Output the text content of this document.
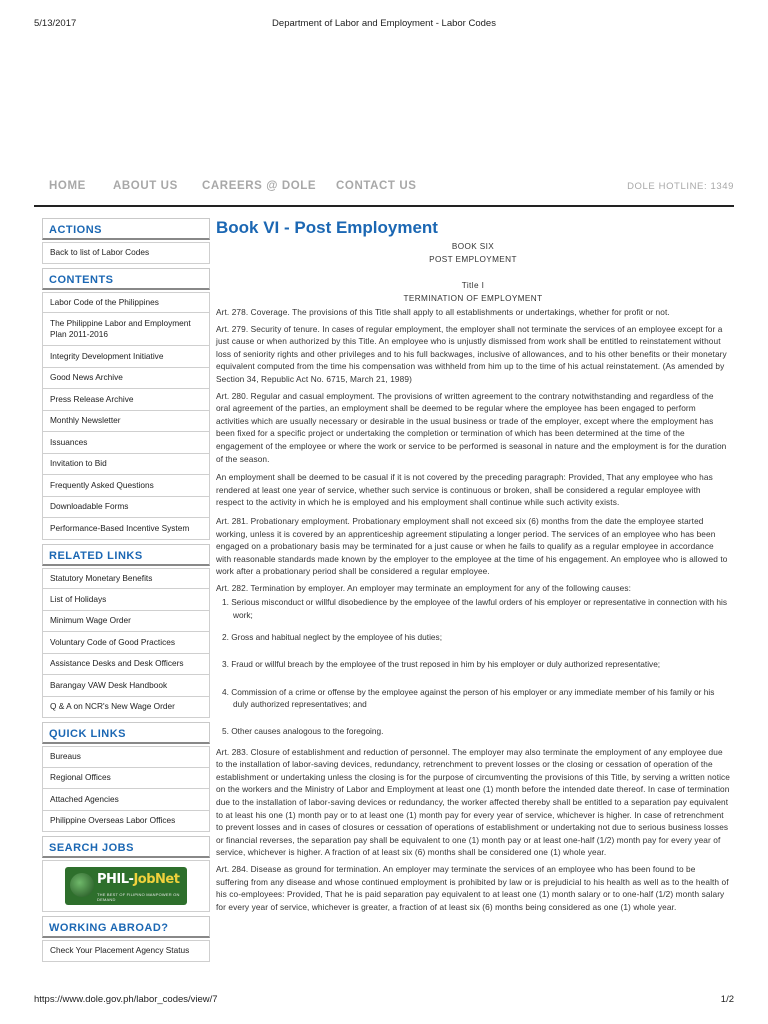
5/13/2017	Department of Labor and Employment - Labor Codes
HOME ABOUT US CAREERS @ DOLE CONTACT US	DOLE HOTLINE: 1349
ACTIONS
Back to list of Labor Codes
CONTENTS
Labor Code of the Philippines
The Philippine Labor and Employment Plan 2011-2016
Integrity Development Initiative
Good News Archive
Press Release Archive
Monthly Newsletter
Issuances
Invitation to Bid
Frequently Asked Questions
Downloadable Forms
Performance-Based Incentive System
RELATED LINKS
Statutory Monetary Benefits
List of Holidays
Minimum Wage Order
Voluntary Code of Good Practices
Assistance Desks and Desk Officers
Barangay VAW Desk Handbook
Q & A on NCR's New Wage Order
QUICK LINKS
Bureaus
Regional Offices
Attached Agencies
Philippine Overseas Labor Offices
SEARCH JOBS
PHIL-JobNet
THE BEST OF FILIPINO MANPOWER ON DEMAND
WORKING ABROAD?
Check Your Placement Agency Status
Book VI - Post Employment
BOOK SIX
POST EMPLOYMENT
Title I
TERMINATION OF EMPLOYMENT

Art. 278. Coverage. The provisions of this Title shall apply to all establishments or undertakings, whether for profit or not.

Art. 279. Security of tenure. In cases of regular employment, the employer shall not terminate the services of an employee except for a just cause or when authorized by this Title. An employee who is unjustly dismissed from work shall be entitled to reinstatement without loss of seniority rights and other privileges and to his full backwages, inclusive of allowances, and to his other benefits or their monetary equivalent computed from the time his compensation was withheld from him up to the time of his actual reinstatement. (As amended by Section 34, Republic Act No. 6715, March 21, 1989)

Art. 280. Regular and casual employment. The provisions of written agreement to the contrary notwithstanding and regardless of the oral agreement of the parties, an employment shall be deemed to be regular where the employee has been engaged to perform activities which are usually necessary or desirable in the usual business or trade of the employer, except where the employment has been fixed for a specific project or undertaking the completion or termination of which has been determined at the time of the engagement of the employee or where the work or service to be performed is seasonal in nature and the employment is for the duration of the season.

An employment shall be deemed to be casual if it is not covered by the preceding paragraph: Provided, That any employee who has rendered at least one year of service, whether such service is continuous or broken, shall be considered a regular employee with respect to the activity in which he is employed and his employment shall continue while such activity exists.

Art. 281. Probationary employment. Probationary employment shall not exceed six (6) months from the date the employee started working, unless it is covered by an apprenticeship agreement stipulating a longer period. The services of an employee who has been engaged on a probationary basis may be terminated for a just cause or when he fails to qualify as a regular employee in accordance with reasonable standards made known by the employer to the employee at the time of his engagement. An employee who is allowed to work after a probationary period shall be considered a regular employee.

Art. 282. Termination by employer. An employer may terminate an employment for any of the following causes:

1. Serious misconduct or willful disobedience by the employee of the lawful orders of his employer or representative in connection with his work;
2. Gross and habitual neglect by the employee of his duties;
3. Fraud or willful breach by the employee of the trust reposed in him by his employer or duly authorized representative;
4. Commission of a crime or offense by the employee against the person of his employer or any immediate member of his family or his duly authorized representatives; and
5. Other causes analogous to the foregoing.

Art. 283. Closure of establishment and reduction of personnel. The employer may also terminate the employment of any employee due to the installation of labor-saving devices, redundancy, retrenchment to prevent losses or the closing or cessation of operation of the establishment or undertaking unless the closing is for the purpose of circumventing the provisions of this Title, by serving a written notice on the workers and the Ministry of Labor and Employment at least one (1) month before the intended date thereof. In case of termination due to the installation of labor-saving devices or redundancy, the worker affected thereby shall be entitled to a separation pay equivalent to at least his one (1) month pay or to at least one (1) month pay for every year of service, whichever is higher. In case of retrenchment to prevent losses and in cases of closures or cessation of operations of establishment or undertaking not due to serious business losses or financial reverses, the separation pay shall be equivalent to one (1) month pay or at least one-half (1/2) month pay for every year of service, whichever is higher. A fraction of at least six (6) months shall be considered one (1) whole year.

Art. 284. Disease as ground for termination. An employer may terminate the services of an employee who has been found to be suffering from any disease and whose continued employment is prohibited by law or is prejudicial to his health as well as to the health of his co-employees: Provided, That he is paid separation pay equivalent to at least one (1) month salary or to one-half (1/2) month salary for every year of service, whichever is greater, a fraction of at least six (6) months being considered as one (1) whole year.

https://www.dole.gov.ph/labor_codes/view/7	1/2
